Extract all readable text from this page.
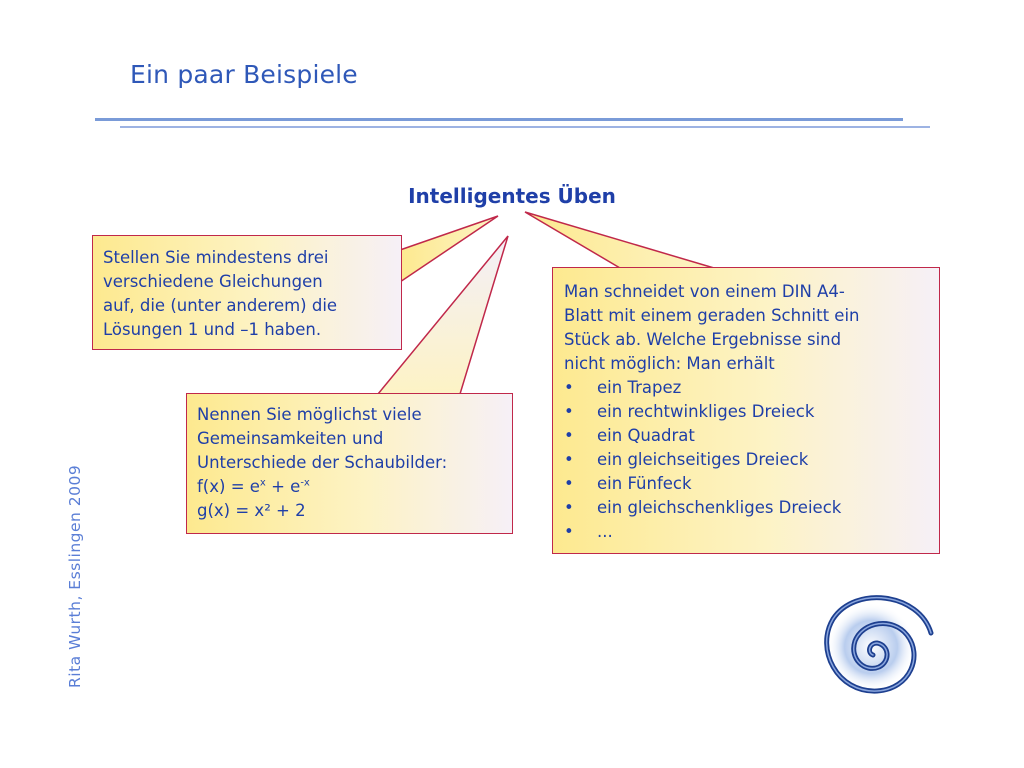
Ein paar Beispiele
Intelligentes Üben
Stellen Sie mindestens drei
verschiedene Gleichungen
auf, die (unter anderem) die
Lösungen 1 und –1 haben.
Nennen Sie möglichst viele
Gemeinsamkeiten und
Unterschiede der Schaubilder:
$f(x) = e^x + e^{-x}$
g(x) = x² + 2
Man schneidet von einem DIN A4-
Blatt mit einem geraden Schnitt ein
Stück ab. Welche Ergebnisse sind
nicht möglich: Man erhält
• ein Trapez
• ein rechtwinkliges Dreieck
• ein Quadrat
• ein gleichseitiges Dreieck
• ein Fünfeck
• ein gleichschenkliges Dreieck
• ...
Rita Wurth, Esslingen 2009
